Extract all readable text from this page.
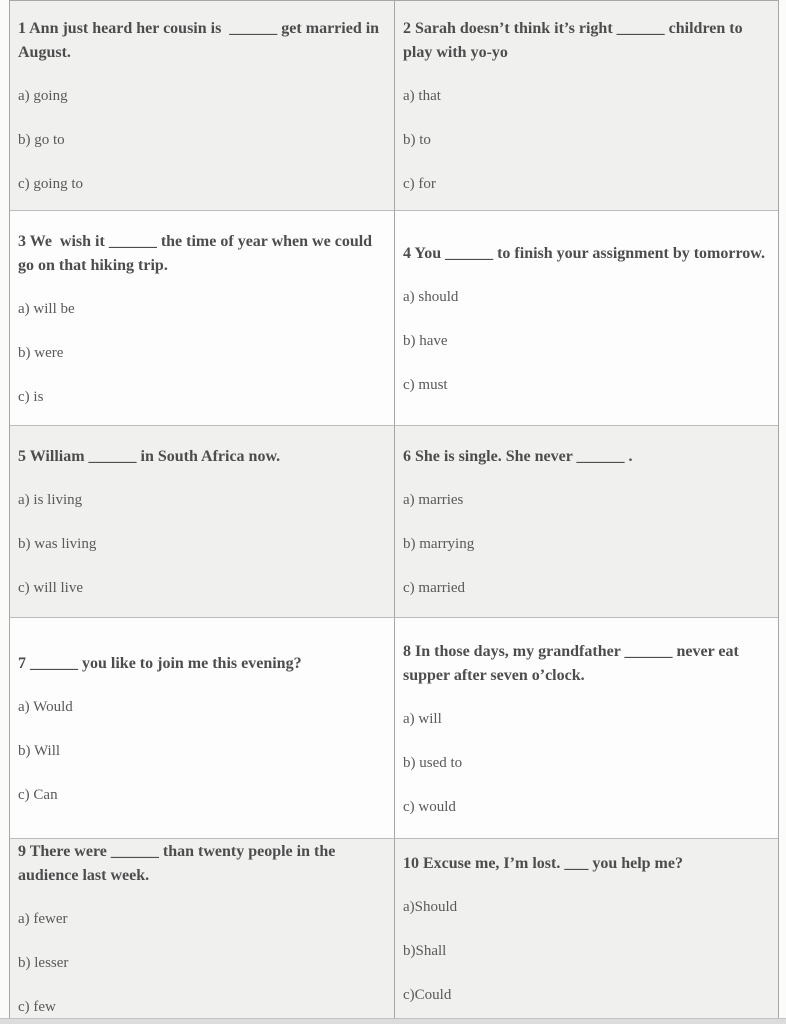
1 Ann just heard her cousin is  ______ get married in August.

a) going

b) go to

c) going to

2 Sarah doesn’t think it’s right ______ children to play with yo-yo

a) that

b) to

c) for

3 We  wish it ______ the time of year when we could go on that hiking trip.

a) will be

b) were

c) is

4 You ______ to finish your assignment by tomorrow.

a) should

b) have

c) must

5 William ______ in South Africa now.

a) is living

b) was living

c) will live

6 She is single. She never ______ .

a) marries

b) marrying

c) married

7 ______ you like to join me this evening?

a) Would

b) Will

c) Can

8 In those days, my grandfather ______ never eat supper after seven o’clock.

a) will

b) used to

c) would

9 There were ______ than twenty people in the audience last week.

a) fewer

b) lesser

c) few

10 Excuse me, I’m lost. ___ you help me?

a)Should

b)Shall

c)Could
